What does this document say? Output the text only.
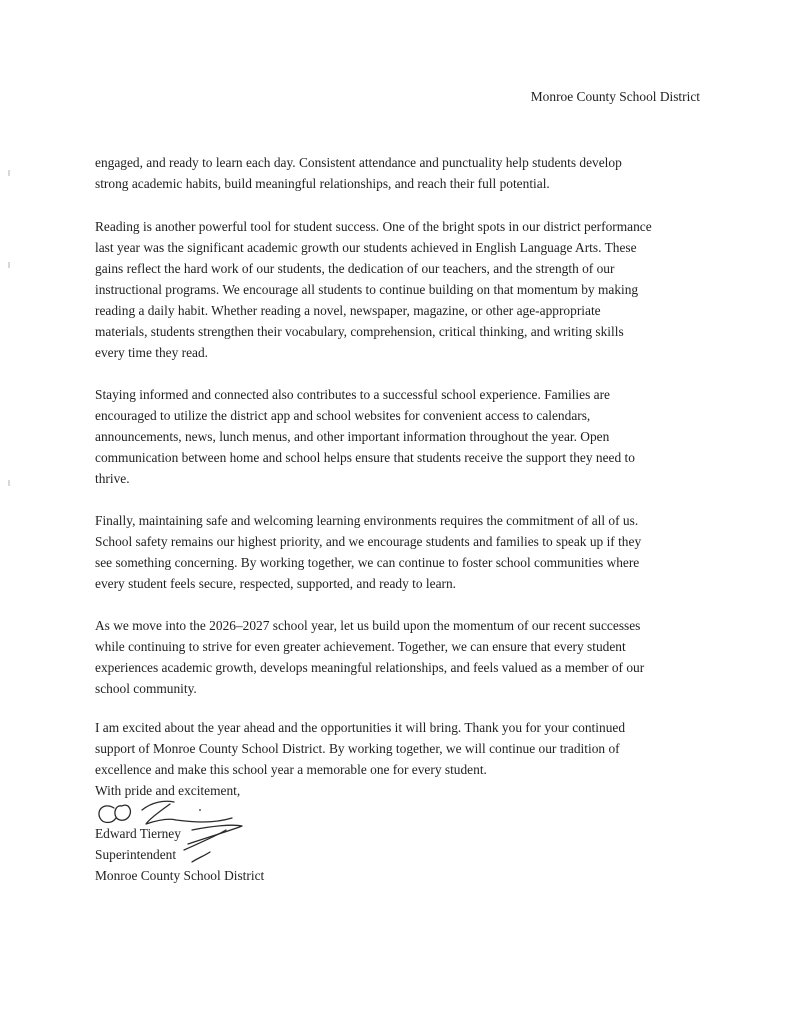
Monroe County School District

engaged, and ready to learn each day. Consistent attendance and punctuality help students develop
strong academic habits, build meaningful relationships, and reach their full potential.

Reading is another powerful tool for student success. One of the bright spots in our district performance
last year was the significant academic growth our students achieved in English Language Arts. These
gains reflect the hard work of our students, the dedication of our teachers, and the strength of our
instructional programs. We encourage all students to continue building on that momentum by making
reading a daily habit. Whether reading a novel, newspaper, magazine, or other age-appropriate
materials, students strengthen their vocabulary, comprehension, critical thinking, and writing skills
every time they read.

Staying informed and connected also contributes to a successful school experience. Families are
encouraged to utilize the district app and school websites for convenient access to calendars,
announcements, news, lunch menus, and other important information throughout the year. Open
communication between home and school helps ensure that students receive the support they need to
thrive.

Finally, maintaining safe and welcoming learning environments requires the commitment of all of us.
School safety remains our highest priority, and we encourage students and families to speak up if they
see something concerning. By working together, we can continue to foster school communities where
every student feels secure, respected, supported, and ready to learn.

As we move into the 2026–2027 school year, let us build upon the momentum of our recent successes
while continuing to strive for even greater achievement. Together, we can ensure that every student
experiences academic growth, develops meaningful relationships, and feels valued as a member of our
school community.

I am excited about the year ahead and the opportunities it will bring. Thank you for your continued
support of Monroe County School District. By working together, we will continue our tradition of
excellence and make this school year a memorable one for every student.
With pride and excitement,

Edward Tierney
Superintendent
Monroe County School District
